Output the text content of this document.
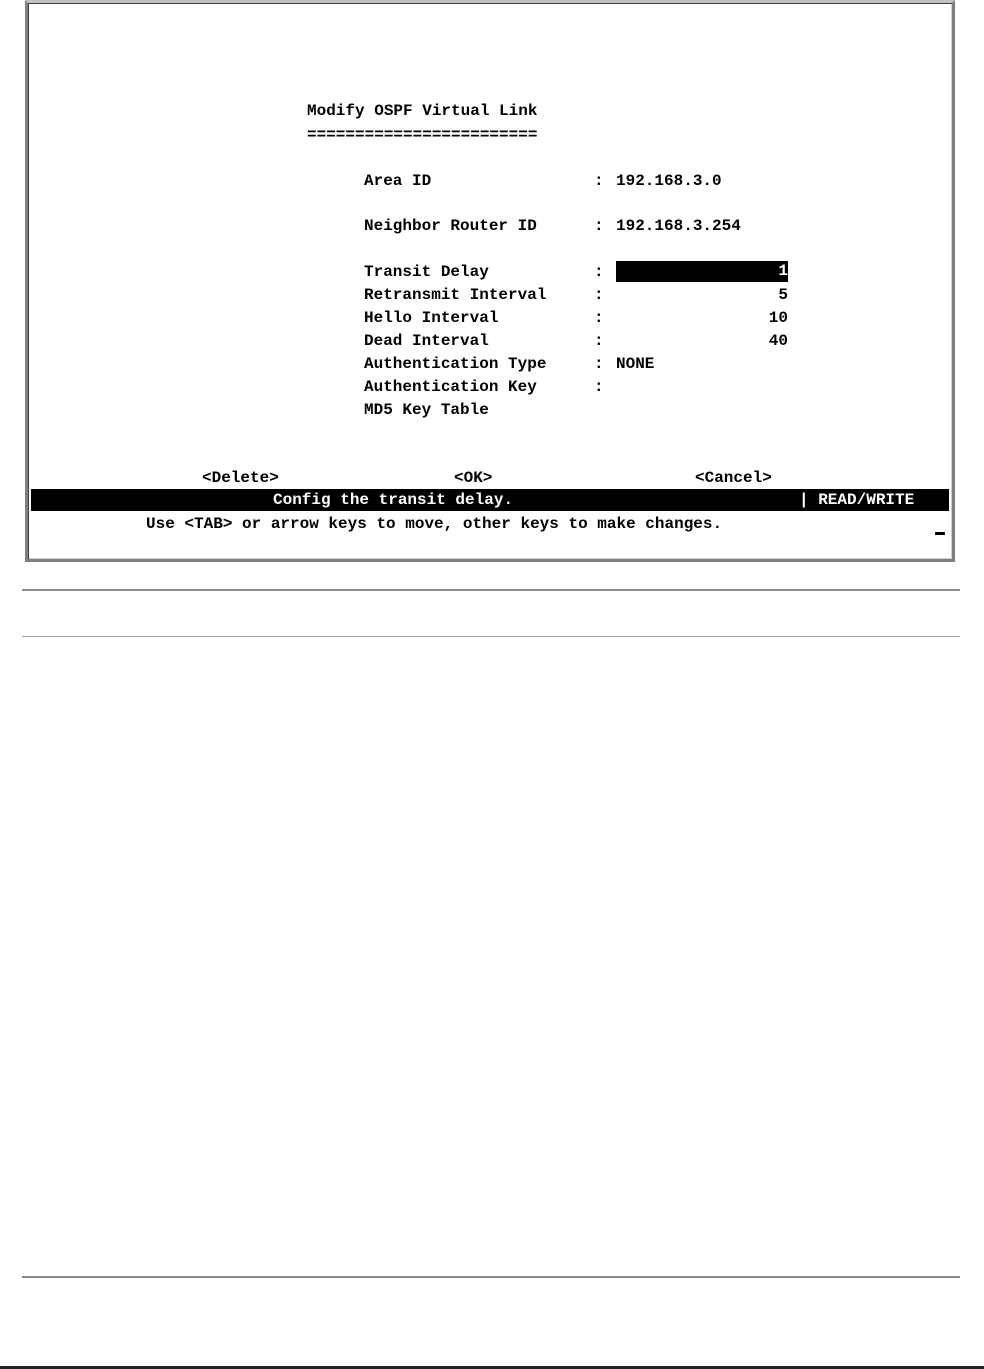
Modify OSPF Virtual Link
========================
Area ID	: 192.168.3.0
Neighbor Router ID	: 192.168.3.254
Transit Delay	:	1
Retransmit Interval	:	5
Hello Interval	:	10
Dead Interval	:	40
Authentication Type	: NONE
Authentication Key	:
MD5 Key Table
<Delete>	<OK>	<Cancel>
Config the transit delay.	| READ/WRITE
Use <TAB> or arrow keys to move, other keys to make changes.
